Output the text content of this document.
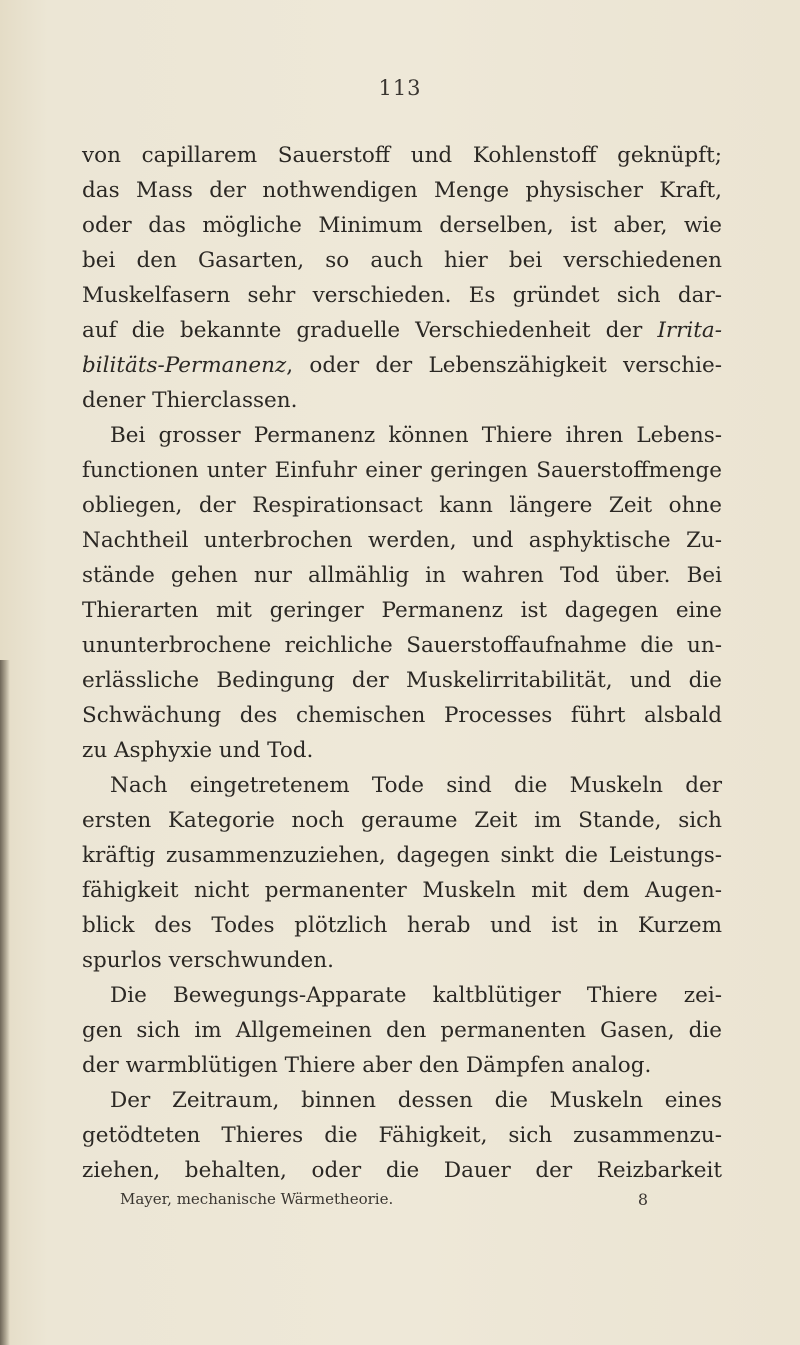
113
von capillarem Sauerstoff und Kohlenstoff geknüpft;
das Mass der nothwendigen Menge physischer Kraft,
oder das mögliche Minimum derselben, ist aber, wie
bei den Gasarten, so auch hier bei verschiedenen
Muskelfasern sehr verschieden. Es gründet sich dar-
auf die bekannte graduelle Verschiedenheit der Irrita-
bilitäts-Permanenz, oder der Lebenszähigkeit verschie-
dener Thierclassen.
Bei grosser Permanenz können Thiere ihren Lebens-
functionen unter Einfuhr einer geringen Sauerstoffmenge
obliegen, der Respirationsact kann längere Zeit ohne
Nachtheil unterbrochen werden, und asphyktische Zu-
stände gehen nur allmählig in wahren Tod über. Bei
Thierarten mit geringer Permanenz ist dagegen eine
ununterbrochene reichliche Sauerstoffaufnahme die un-
erlässliche Bedingung der Muskelirritabilität, und die
Schwächung des chemischen Processes führt alsbald
zu Asphyxie und Tod.
Nach eingetretenem Tode sind die Muskeln der
ersten Kategorie noch geraume Zeit im Stande, sich
kräftig zusammenzuziehen, dagegen sinkt die Leistungs-
fähigkeit nicht permanenter Muskeln mit dem Augen-
blick des Todes plötzlich herab und ist in Kurzem
spurlos verschwunden.
Die Bewegungs-Apparate kaltblütiger Thiere zei-
gen sich im Allgemeinen den permanenten Gasen, die
der warmblütigen Thiere aber den Dämpfen analog.
Der Zeitraum, binnen dessen die Muskeln eines
getödteten Thieres die Fähigkeit, sich zusammenzu-
ziehen, behalten, oder die Dauer der Reizbarkeit
Mayer, mechanische Wärmetheorie.	8
